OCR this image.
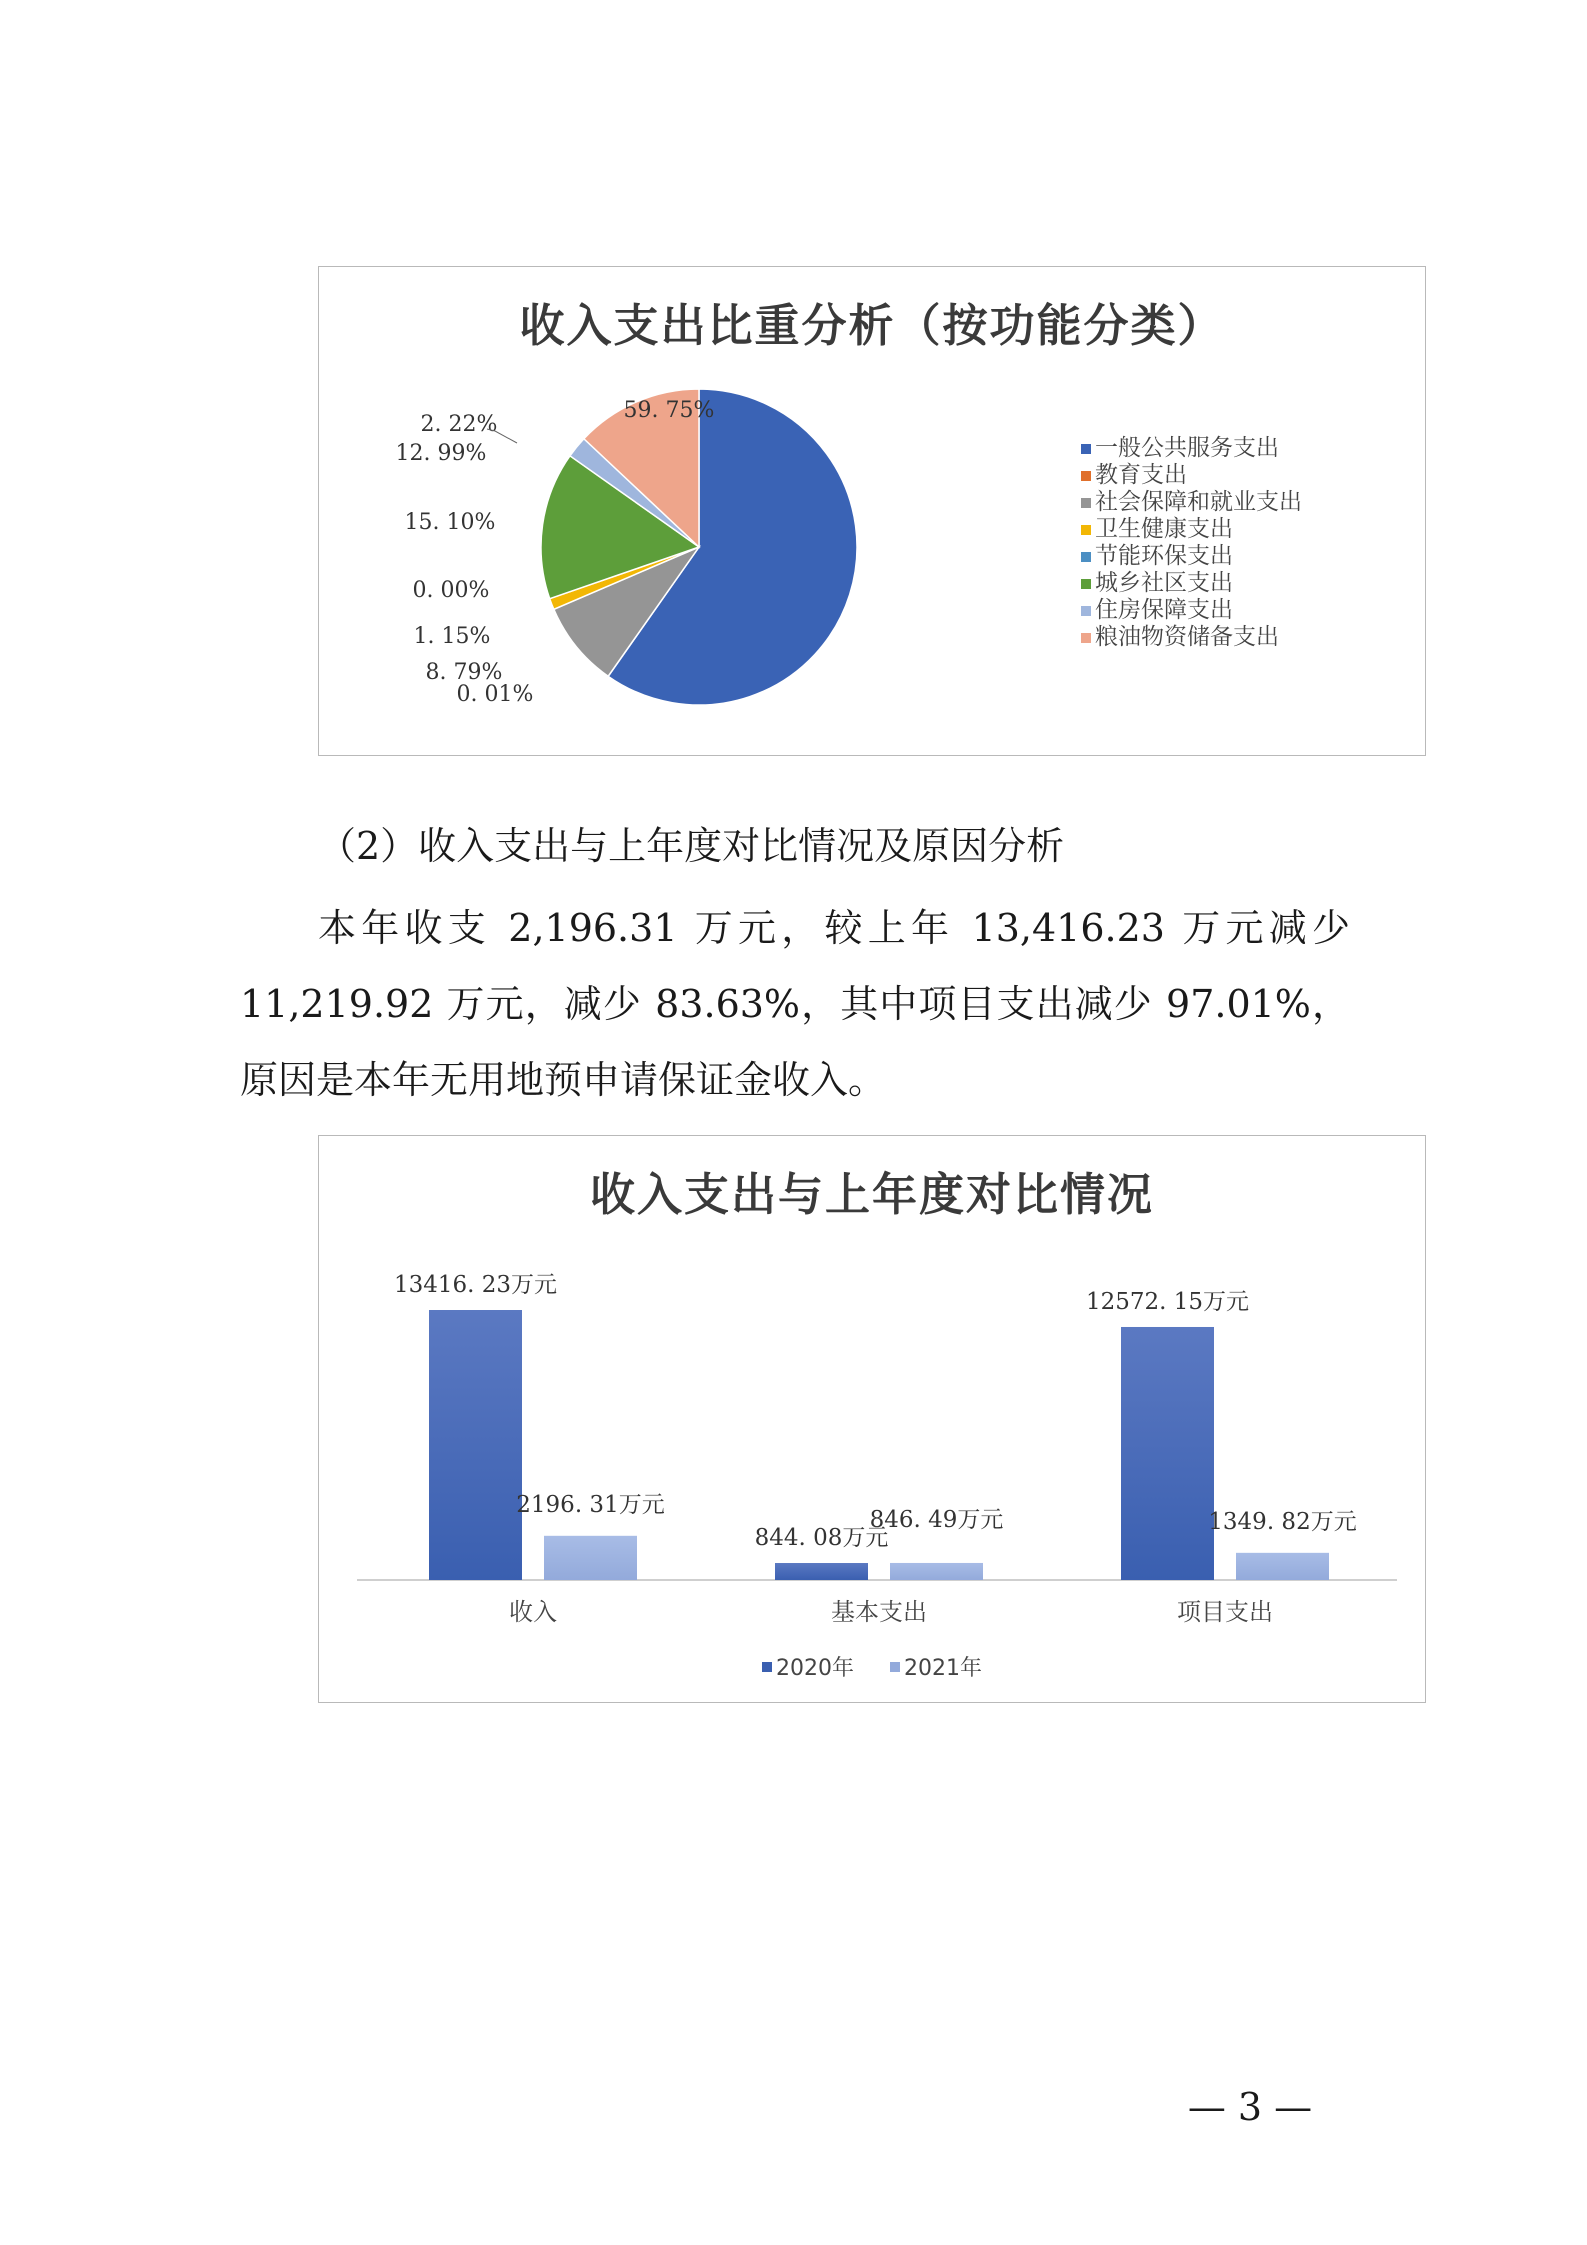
收入支出比重分析（按功能分类）
59. 75%
0. 01%
8. 79%
1. 15%
0. 00%
15. 10%
2. 22%
12. 99%	一般公共服务支出
教育支出
社会保障和就业支出
卫生健康支出
节能环保支出
城乡社区支出
住房保障支出
粮油物资储备支出
（2）收入支出与上年度对比情况及原因分析
本年收支 2,196.31 万元，较上年 13,416.23 万元减少 11,219.92 万元，减少 83.63%，其中项目支出减少 97.01%，原因是本年无用地预申请保证金收入。
收入支出与上年度对比情况
13416. 23万元
2196. 31万元
收入
844. 08万元
846. 49万元
基本支出
12572. 15万元
1349. 82万元
项目支出
2020年 2021年
— 3 —
